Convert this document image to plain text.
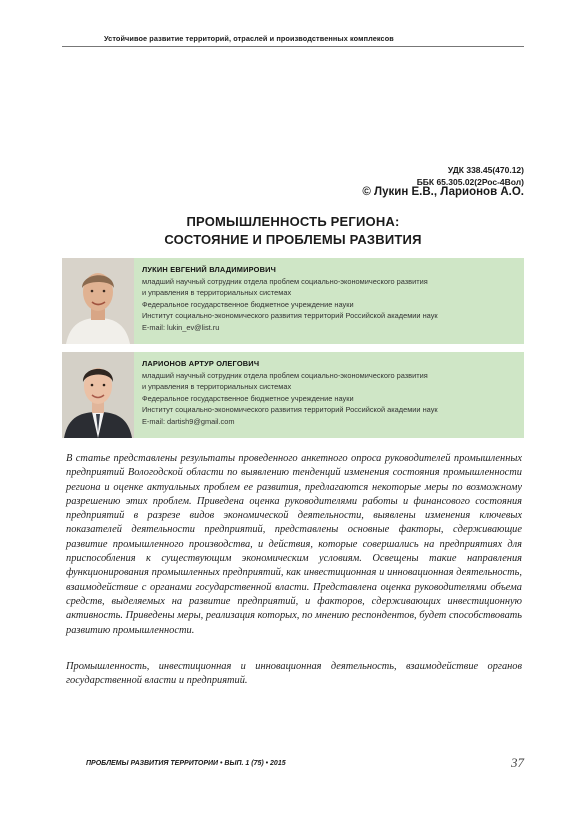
Устойчивое развитие территорий, отраслей и производственных комплексов
УДК 338.45(470.12)
ББК 65.305.02(2Рос-4Вол)
© Лукин Е.В., Ларионов А.О.
ПРОМЫШЛЕННОСТЬ РЕГИОНА:
СОСТОЯНИЕ И ПРОБЛЕМЫ РАЗВИТИЯ
ЛУКИН ЕВГЕНИЙ ВЛАДИМИРОВИЧ
младший научный сотрудник отдела проблем социально-экономического развития
и управления в территориальных системах
Федеральное государственное бюджетное учреждение науки
Институт социально-экономического развития территорий Российской академии наук
E-mail: lukin_ev@list.ru
ЛАРИОНОВ АРТУР ОЛЕГОВИЧ
младший научный сотрудник отдела проблем социально-экономического развития
и управления в территориальных системах
Федеральное государственное бюджетное учреждение науки
Институт социально-экономического развития территорий Российской академии наук
E-mail: dartish9@gmail.com

В статье представлены результаты проведенного анкетного опроса руководителей промышленных предприятий Вологодской области по выявлению тенденций изменения состояния промышленности региона и оценке актуальных проблем ее развития, предлагаются некоторые меры по возможному разрешению этих проблем. Приведена оценка руководителями работы и финансового состояния предприятий в разрезе видов экономической деятельности, выявлены изменения ключевых показателей деятельности предприятий, представлены основные факторы, сдерживающие развитие промышленного производства, и действия, которые совершались на предприятиях для приспособления к существующим экономическим условиям. Освещены такие направления функционирования промышленных предприятий, как инвестиционная и инновационная деятельность, взаимодействие с органами государственной власти. Представлена оценка руководителями объема средств, выделяемых на развитие предприятий, и факторов, сдерживающих инвестиционную активность. Приведены меры, реализация которых, по мнению респондентов, будет способствовать развитию промышленности.

Промышленность, инвестиционная и инновационная деятельность, взаимодействие органов государственной власти и предприятий.

ПРОБЛЕМЫ РАЗВИТИЯ ТЕРРИТОРИИ • ВЫП. 1 (75) • 2015	37
